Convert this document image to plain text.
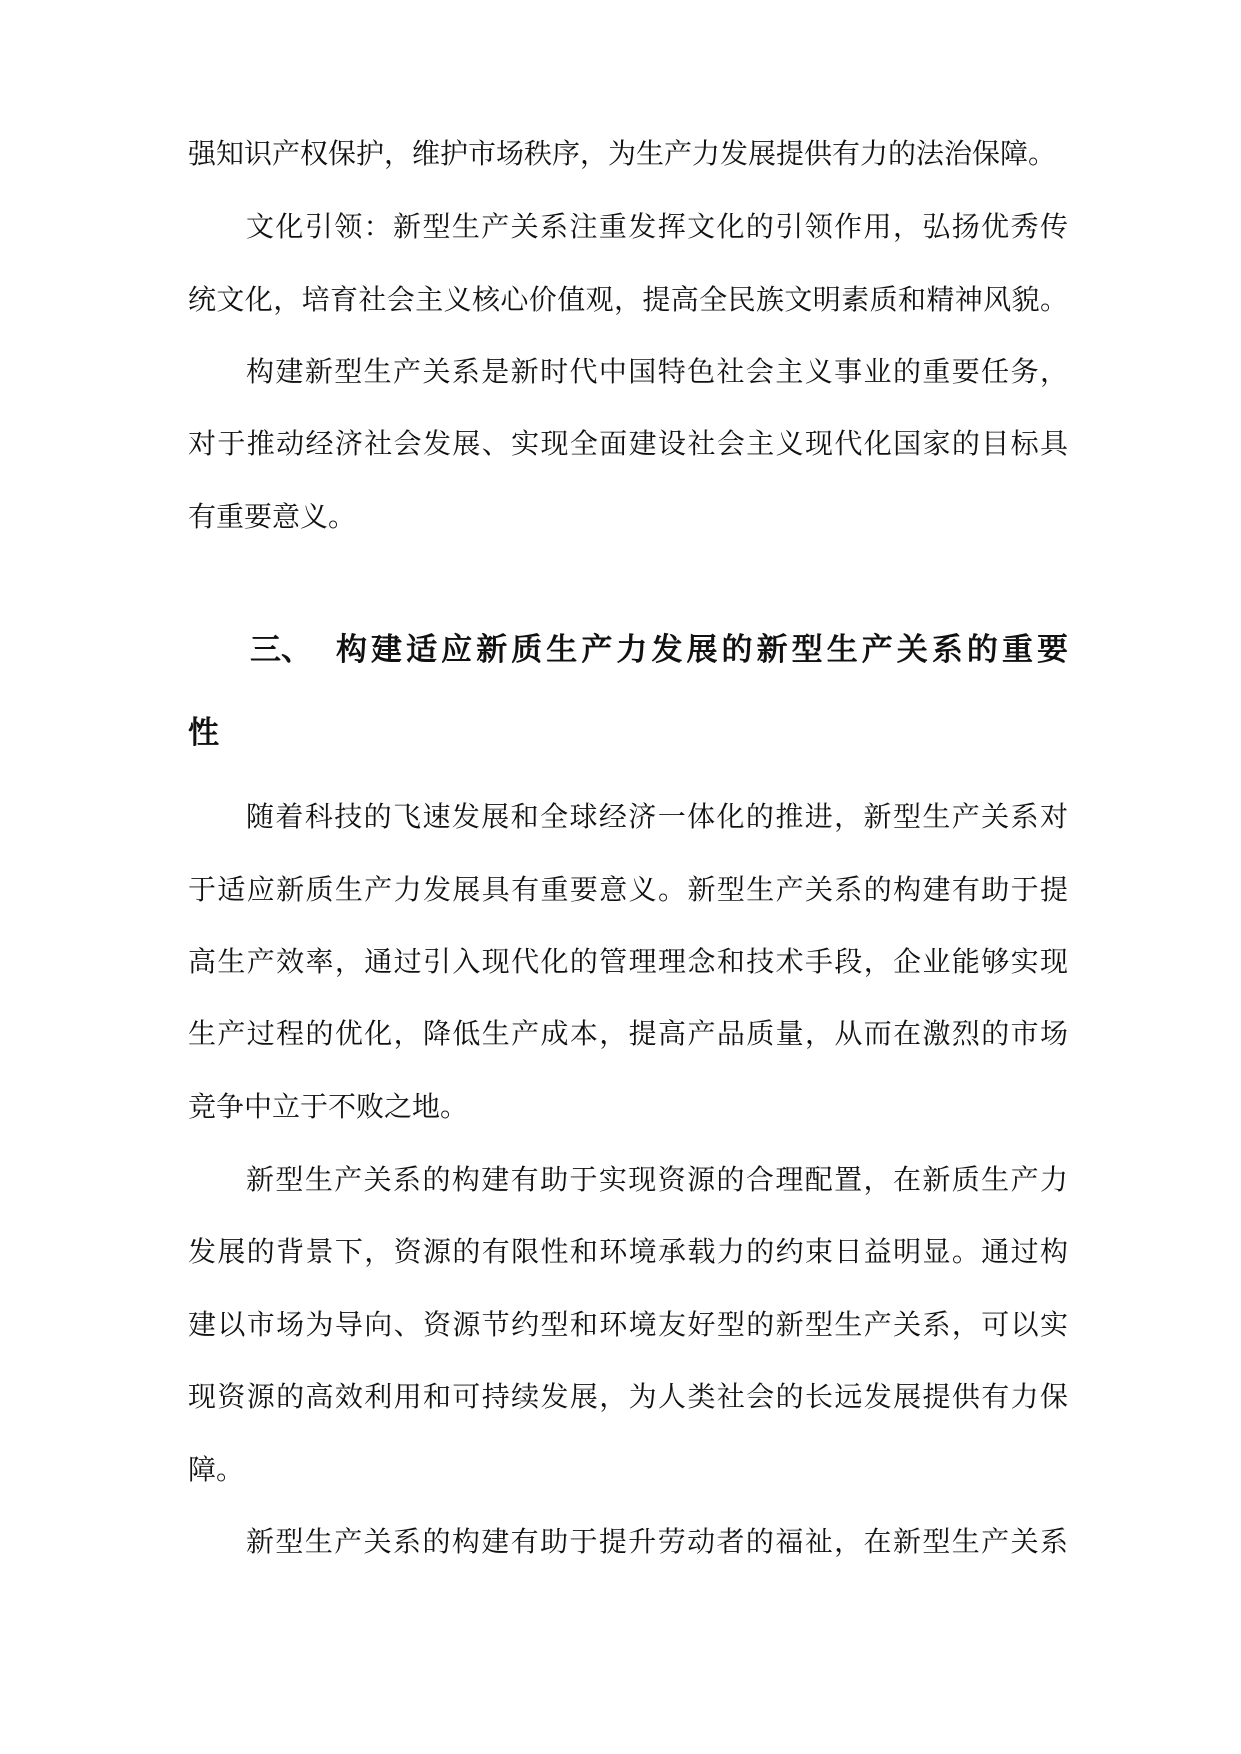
强知识产权保护，维护市场秩序，为生产力发展提供有力的法治保障。

文化引领：新型生产关系注重发挥文化的引领作用，弘扬优秀传

统文化，培育社会主义核心价值观，提高全民族文明素质和精神风貌。

构建新型生产关系是新时代中国特色社会主义事业的重要任务，

对于推动经济社会发展、实现全面建设社会主义现代化国家的目标具

有重要意义。

三、 构建适应新质生产力发展的新型生产关系的重要
性

随着科技的飞速发展和全球经济一体化的推进，新型生产关系对

于适应新质生产力发展具有重要意义。新型生产关系的构建有助于提

高生产效率，通过引入现代化的管理理念和技术手段，企业能够实现

生产过程的优化，降低生产成本，提高产品质量，从而在激烈的市场

竞争中立于不败之地。

新型生产关系的构建有助于实现资源的合理配置，在新质生产力

发展的背景下，资源的有限性和环境承载力的约束日益明显。通过构

建以市场为导向、资源节约型和环境友好型的新型生产关系，可以实

现资源的高效利用和可持续发展，为人类社会的长远发展提供有力保

障。

新型生产关系的构建有助于提升劳动者的福祉，在新型生产关系
